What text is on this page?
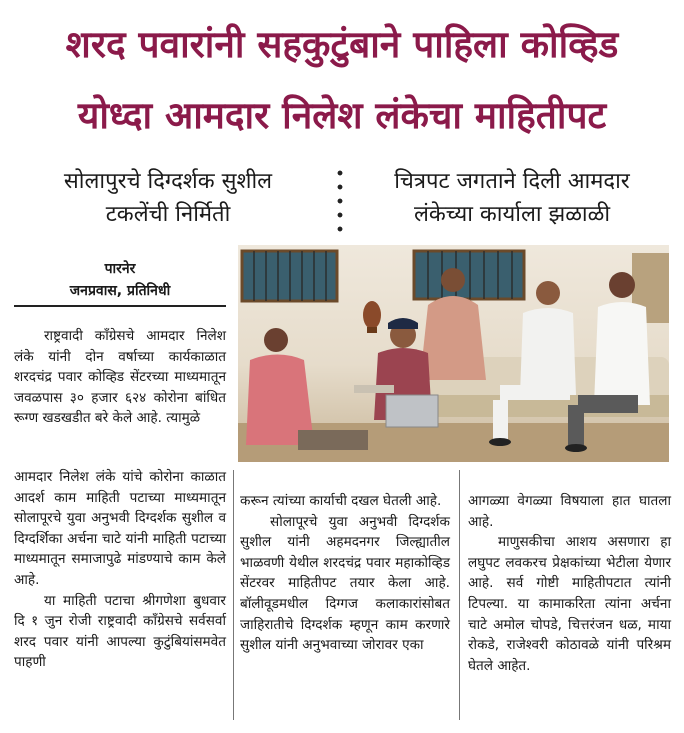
शरद पवारांनी सहकुटुंबाने पाहिला कोव्हिड
योध्दा आमदार निलेश लंकेचा माहितीपट
सोलापुरचे दिग्दर्शक सुशील
टकलेंची निर्मिती
चित्रपट जगताने दिली आमदार
लंकेच्या कार्याला झळाळी
पारनेर
जनप्रवास, प्रतिनिधी

राष्ट्रवादी काँग्रेसचे आमदार निलेश लंके यांनी दोन वर्षाच्या कार्यकाळात शरदचंद्र पवार कोव्हिड सेंटरच्या माध्यमातून जवळपास ३० हजार ६२४ कोरोना बांधित रूग्ण खडखडीत बरे केले आहे. त्यामुळे

आमदार निलेश लंके यांचे कोरोना काळात आदर्श काम माहिती पटाच्या माध्यमातून सोलापूरचे युवा अनुभवी दिग्दर्शक सुशील व दिग्दर्शिका अर्चना चाटे यांनी माहिती पटाच्या माध्यमातून समाजापुढे मांडण्याचे काम केले आहे.

या माहिती पटाचा श्रीगणेशा बुधवार दि १ जुन रोजी राष्ट्रवादी कॉंग्रेसचे सर्वसर्वा शरद पवार यांनी आपल्या कुटुंबियांसमवेत पाहणी

करून त्यांच्या कार्याची दखल घेतली आहे.

सोलापूरचे युवा अनुभवी दिग्दर्शक सुशील यांनी अहमदनगर जिल्ह्यातील भाळवणी येथील शरदचंद्र पवार महाकोव्हिड सेंटरवर माहितीपट तयार केला आहे. बॉलीवूडमधील दिग्गज कलाकारांसोबत जाहिरातीचे दिग्दर्शक म्हणून काम करणारे सुशील यांनी अनुभवाच्या जोरावर एका

आगळ्या वेगळ्या विषयाला हात घातला आहे.

माणुसकीचा आशय असणारा हा लघुपट लवकरच प्रेक्षकांच्या भेटीला येणार आहे. सर्व गोष्टी माहितीपटात त्यांनी टिपल्या. या कामाकरिता त्यांना अर्चना चाटे अमोल चोपडे, चित्तरंजन धळ, माया रोकडे, राजेश्वरी कोठावळे यांनी परिश्रम घेतले आहेत.
